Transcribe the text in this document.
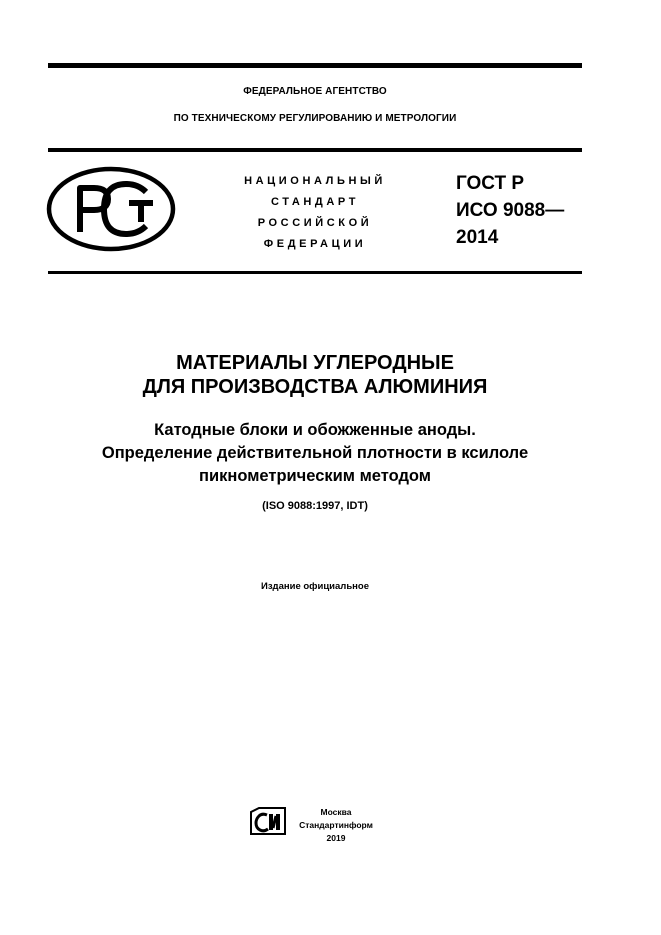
ФЕДЕРАЛЬНОЕ АГЕНТСТВО
ПО ТЕХНИЧЕСКОМУ РЕГУЛИРОВАНИЮ И МЕТРОЛОГИИ
НАЦИОНАЛЬНЫЙ
СТАНДАРТ
РОССИЙСКОЙ
ФЕДЕРАЦИИ
ГОСТ Р
ИСО 9088—
2014
МАТЕРИАЛЫ УГЛЕРОДНЫЕ
ДЛЯ ПРОИЗВОДСТВА АЛЮМИНИЯ
Катодные блоки и обожженные аноды.
Определение действительной плотности в ксилоле
пикнометрическим методом
(ISO 9088:1997, IDT)
Издание официальное
Москва
Стандартинформ
2019
